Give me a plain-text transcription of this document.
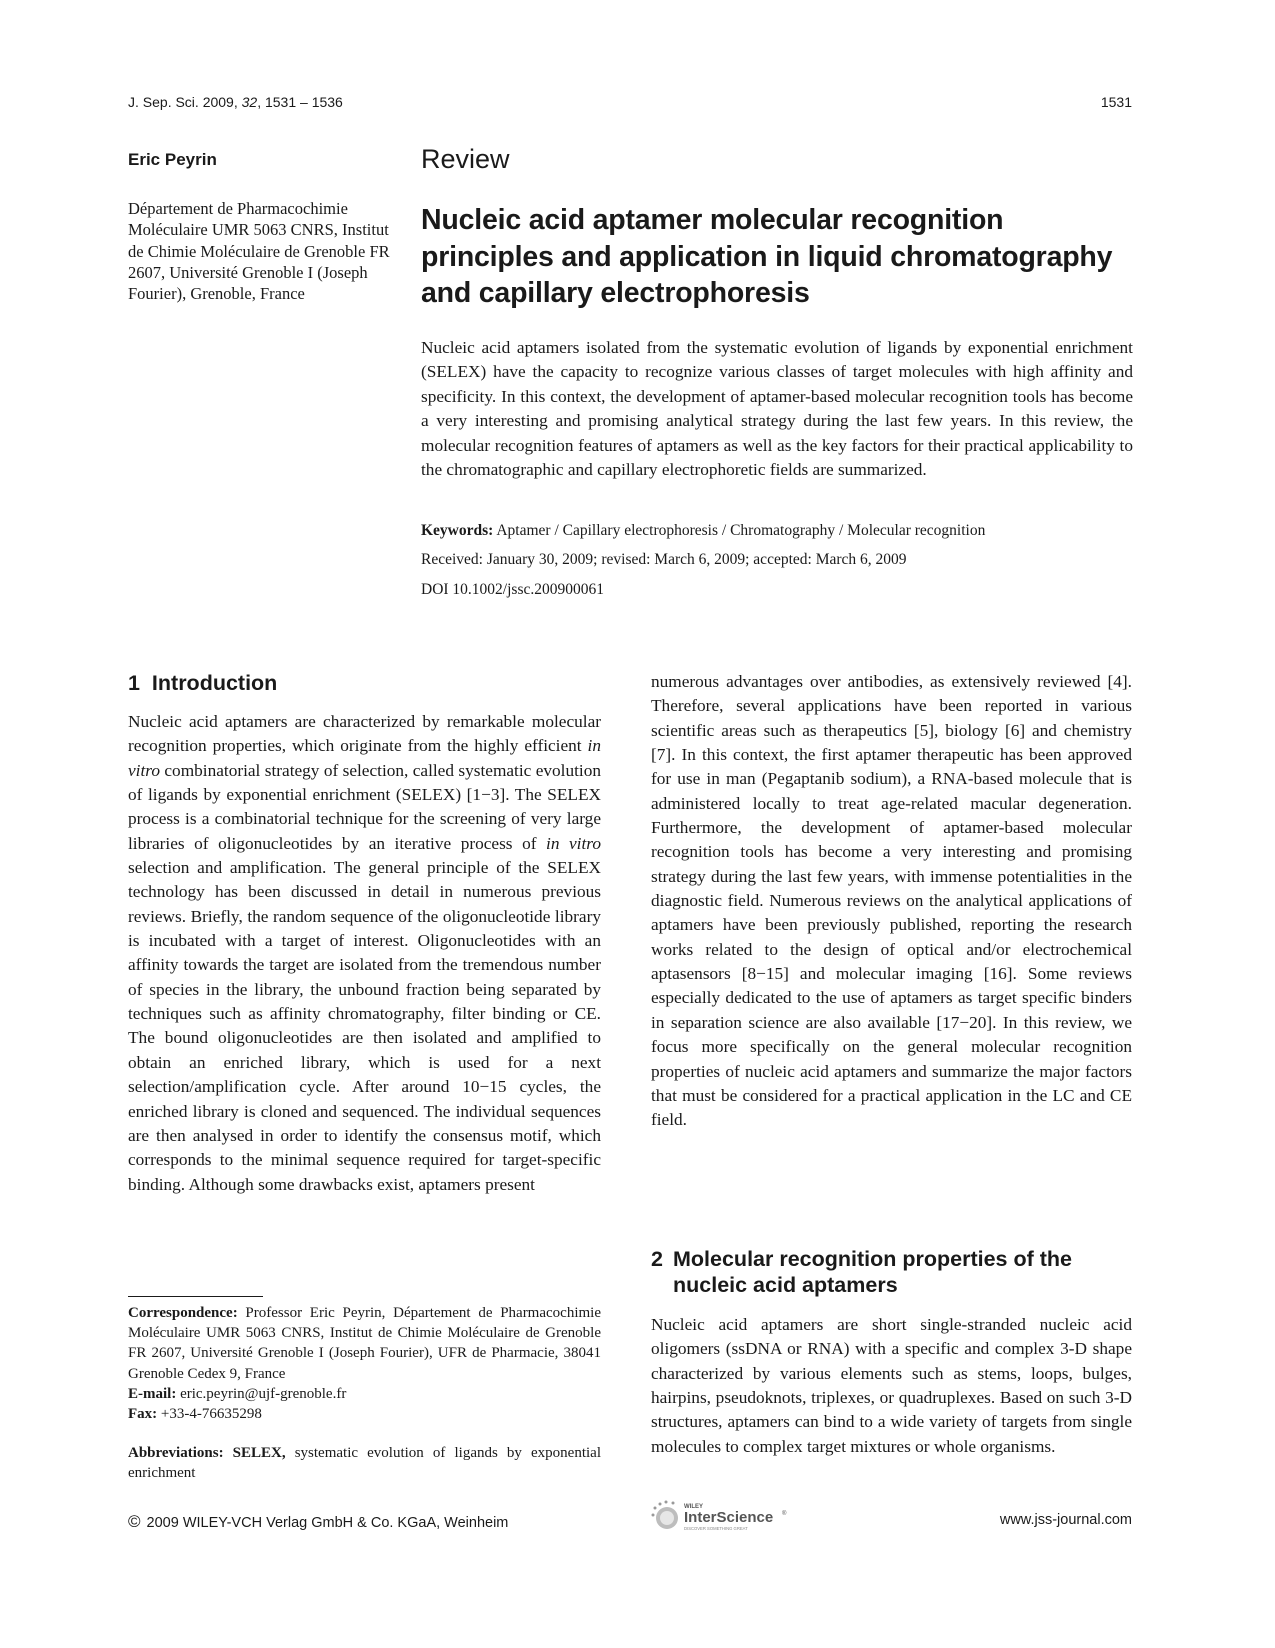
J. Sep. Sci. 2009, 32, 1531 – 1536	1531
Eric Peyrin
Département de Pharmacochimie Moléculaire UMR 5063 CNRS, Institut de Chimie Moléculaire de Grenoble FR 2607, Université Grenoble I (Joseph Fourier), Grenoble, France
Review
Nucleic acid aptamer molecular recognition principles and application in liquid chromatography and capillary electrophoresis
Nucleic acid aptamers isolated from the systematic evolution of ligands by exponential enrichment (SELEX) have the capacity to recognize various classes of target molecules with high affinity and specificity. In this context, the development of aptamer-based molecular recognition tools has become a very interesting and promising analytical strategy during the last few years. In this review, the molecular recognition features of aptamers as well as the key factors for their practical applicability to the chromatographic and capillary electrophoretic fields are summarized.
Keywords: Aptamer / Capillary electrophoresis / Chromatography / Molecular recognition
Received: January 30, 2009; revised: March 6, 2009; accepted: March 6, 2009
DOI 10.1002/jssc.200900061
1 Introduction
Nucleic acid aptamers are characterized by remarkable molecular recognition properties, which originate from the highly efficient in vitro combinatorial strategy of selection, called systematic evolution of ligands by exponential enrichment (SELEX) [1−3]. The SELEX process is a combinatorial technique for the screening of very large libraries of oligonucleotides by an iterative process of in vitro selection and amplification. The general principle of the SELEX technology has been discussed in detail in numerous previous reviews. Briefly, the random sequence of the oligonucleotide library is incubated with a target of interest. Oligonucleotides with an affinity towards the target are isolated from the tremendous number of species in the library, the unbound fraction being separated by techniques such as affinity chromatography, filter binding or CE. The bound oligonucleotides are then isolated and amplified to obtain an enriched library, which is used for a next selection/amplification cycle. After around 10−15 cycles, the enriched library is cloned and sequenced. The individual sequences are then analysed in order to identify the consensus motif, which corresponds to the minimal sequence required for target-specific binding. Although some drawbacks exist, aptamers present
Correspondence: Professor Eric Peyrin, Département de Pharmacochimie Moléculaire UMR 5063 CNRS, Institut de Chimie Moléculaire de Grenoble FR 2607, Université Grenoble I (Joseph Fourier), UFR de Pharmacie, 38041 Grenoble Cedex 9, France
E-mail: eric.peyrin@ujf-grenoble.fr
Fax: +33-4-76635298
Abbreviations: SELEX, systematic evolution of ligands by exponential enrichment
numerous advantages over antibodies, as extensively reviewed [4]. Therefore, several applications have been reported in various scientific areas such as therapeutics [5], biology [6] and chemistry [7]. In this context, the first aptamer therapeutic has been approved for use in man (Pegaptanib sodium), a RNA-based molecule that is administered locally to treat age-related macular degeneration. Furthermore, the development of aptamer-based molecular recognition tools has become a very interesting and promising strategy during the last few years, with immense potentialities in the diagnostic field. Numerous reviews on the analytical applications of aptamers have been previously published, reporting the research works related to the design of optical and/or electrochemical aptasensors [8−15] and molecular imaging [16]. Some reviews especially dedicated to the use of aptamers as target specific binders in separation science are also available [17−20]. In this review, we focus more specifically on the general molecular recognition properties of nucleic acid aptamers and summarize the major factors that must be considered for a practical application in the LC and CE field.
2 Molecular recognition properties of the
nucleic acid aptamers
Nucleic acid aptamers are short single-stranded nucleic acid oligomers (ssDNA or RNA) with a specific and complex 3-D shape characterized by various elements such as stems, loops, bulges, hairpins, pseudoknots, triplexes, or quadruplexes. Based on such 3-D structures, aptamers can bind to a wide variety of targets from single molecules to complex target mixtures or whole organisms.
© 2009 WILEY-VCH Verlag GmbH & Co. KGaA, Weinheim
WILEY
InterScience ®
DISCOVER SOMETHING GREAT
www.jss-journal.com
